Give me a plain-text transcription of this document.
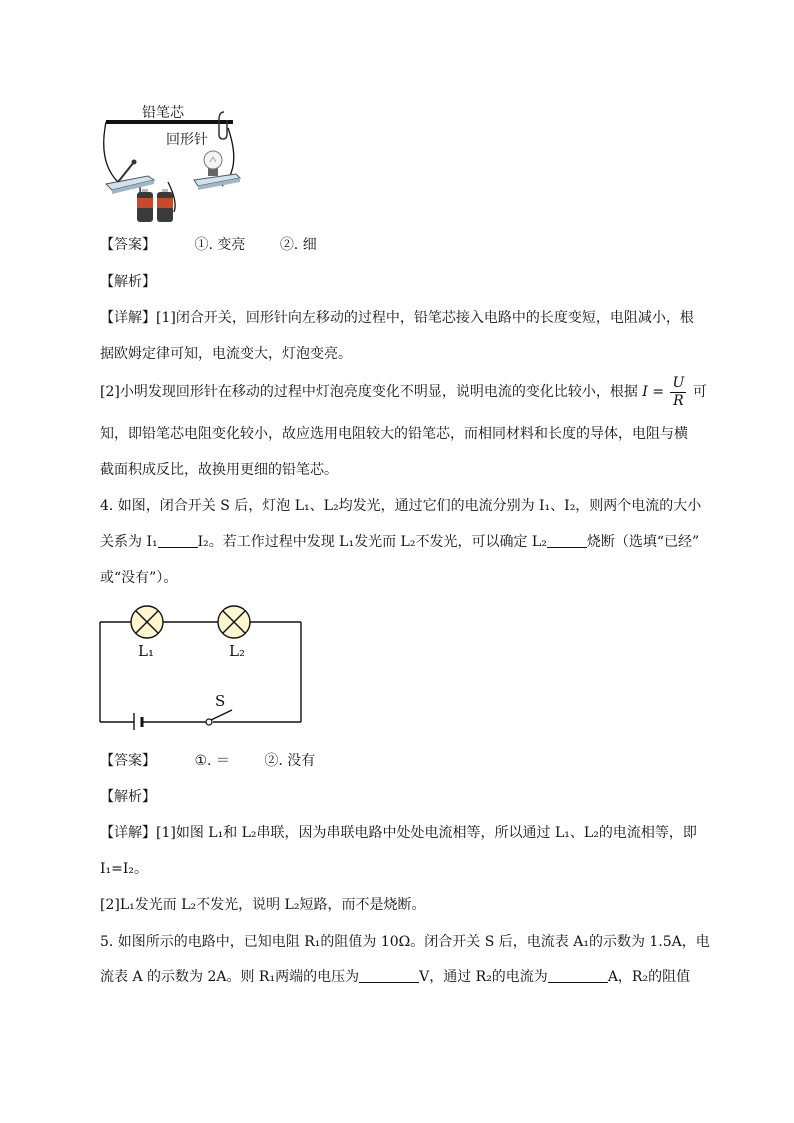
铅笔芯
回形针
【答案】	①. 变亮 ②. 细
【解析】
【详解】[1]闭合开关，回形针向左移动的过程中，铅笔芯接入电路中的长度变短，电阻减小，根
据欧姆定律可知，电流变大，灯泡变亮。
[2]小明发现回形针在移动的过程中灯泡亮度变化不明显，说明电流的变化比较小，根据 $I = \frac{U}{R}$ 可
知，即铅笔芯电阻变化较小，故应选用电阻较大的铅笔芯，而相同材料和长度的导体，电阻与横
截面积成反比，故换用更细的铅笔芯。
4. 如图，闭合开关 S 后，灯泡 L₁、L₂均发光，通过它们的电流分别为 I₁、I₂，则两个电流的大小
关系为 I₁	I₂。若工作过程中发现 L₁发光而 L₂不发光，可以确定 L₂	烧断（选填“已经”
或“没有”）。
L₁	L₂
S
【答案】	①. ＝ ②. 没有
【解析】
【详解】[1]如图 L₁和 L₂串联，因为串联电路中处处电流相等，所以通过 L₁、L₂的电流相等，即
I₁=I₂。
[2]L₁发光而 L₂不发光，说明 L₂短路，而不是烧断。
5. 如图所示的电路中，已知电阻 R₁的阻值为 10Ω。闭合开关 S 后，电流表 A₁的示数为 1.5A，电
流表 A 的示数为 2A。则 R₁两端的电压为	V，通过 R₂的电流为	A，R₂的阻值
